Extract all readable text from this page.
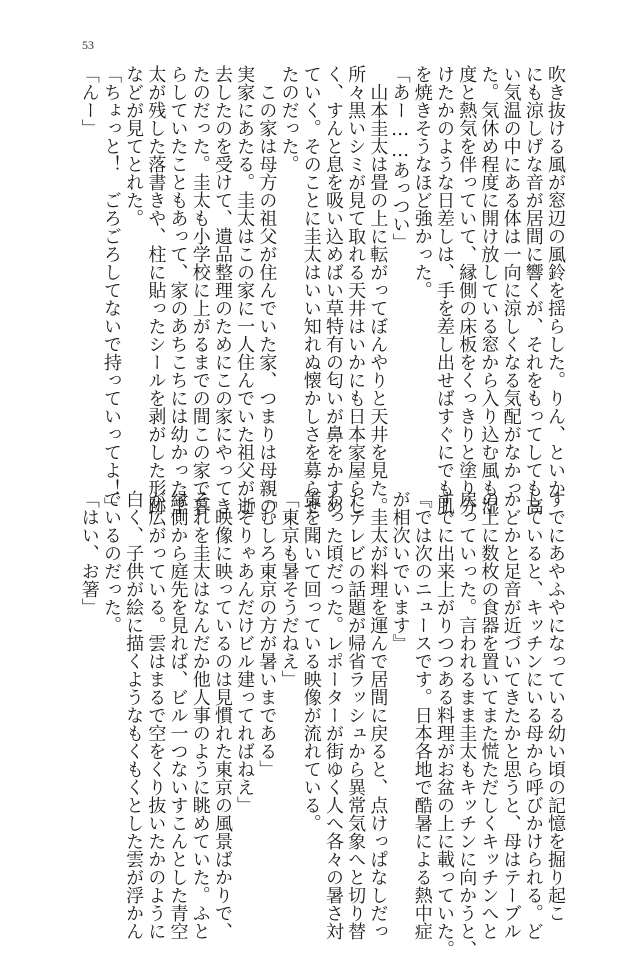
53
吹き抜ける風が窓辺の風鈴を揺らした。りん、といか
にも涼しげな音が居間に響くが、それをもってしても高
い気温の中にある体は一向に涼しくなる気配がなかっ
た。気休め程度に開け放している窓から入り込む風も湿
度と熱気を伴っていて、縁側の床板をくっきりと塗り分
けたかのような日差しは、手を差し出せばすぐにでも肌
を焼きそうなほど強かった。
「あー……あっつい」
　山本圭太は畳の上に転がってぼんやりと天井を見た。
所々黒いシミが見て取れる天井はいかにも日本家屋らし
く、すんと息を吸い込めばい草特有の匂いが鼻をかすめ
ていく。そのことに圭太はいい知れぬ懐かしさを募らせ
たのだった。
　この家は母方の祖父が住んでいた家、つまりは母親の
実家にあたる。圭太はこの家に一人住んでいた祖父が逝
去したのを受けて、遺品整理のためにこの家にやってき
たのだった。圭太も小学校に上がるまでの間この家で暮
らしていたこともあって、家のあちこちには幼かった圭
太が残した落書きや、柱に貼ったシールを剥がした形跡
などが見てとれた。
「ちょっと！　ごろごろしてないで持っていってよ！」
「んー」
すでにあやふやになっている幼い頃の記憶を掘り起こ
していると、キッチンにいる母から呼びかけられる。ど
かどかと足音が近づいてきたかと思うと、母はテーブル
の上に数枚の食器を置いてまた慌ただしくキッチンへと
戻っていった。言われるまま圭太もキッチンに向かうと、
すでに出来上がりつつある料理がお盆の上に載っていた。
『では次のニュースです。日本各地で酷暑による熱中症
が相次いでいます』
　圭太が料理を運んで居間に戻ると、点けっぱなしだっ
たテレビの話題が帰省ラッシュから異常気象へと切り替
わった頃だった。レポーターが街ゆく人へ各々の暑さ対
策を聞いて回っている映像が流れている。
「東京も暑そうだねえ」
「むしろ東京の方が暑いまである」
「そりゃあんだけビル建ってればねえ」
　映像に映っているのは見慣れた東京の風景ばかりで、
それを圭太はなんだか他人事のように眺めていた。ふと
縁側から庭先を見れば、ビル一つないすこんとした青空
が広がっている。雲はまるで空をくり抜いたかのように
白く、子供が絵に描くようなもくもくとした雲が浮かん
でいるのだった。
「はい、お箸」
